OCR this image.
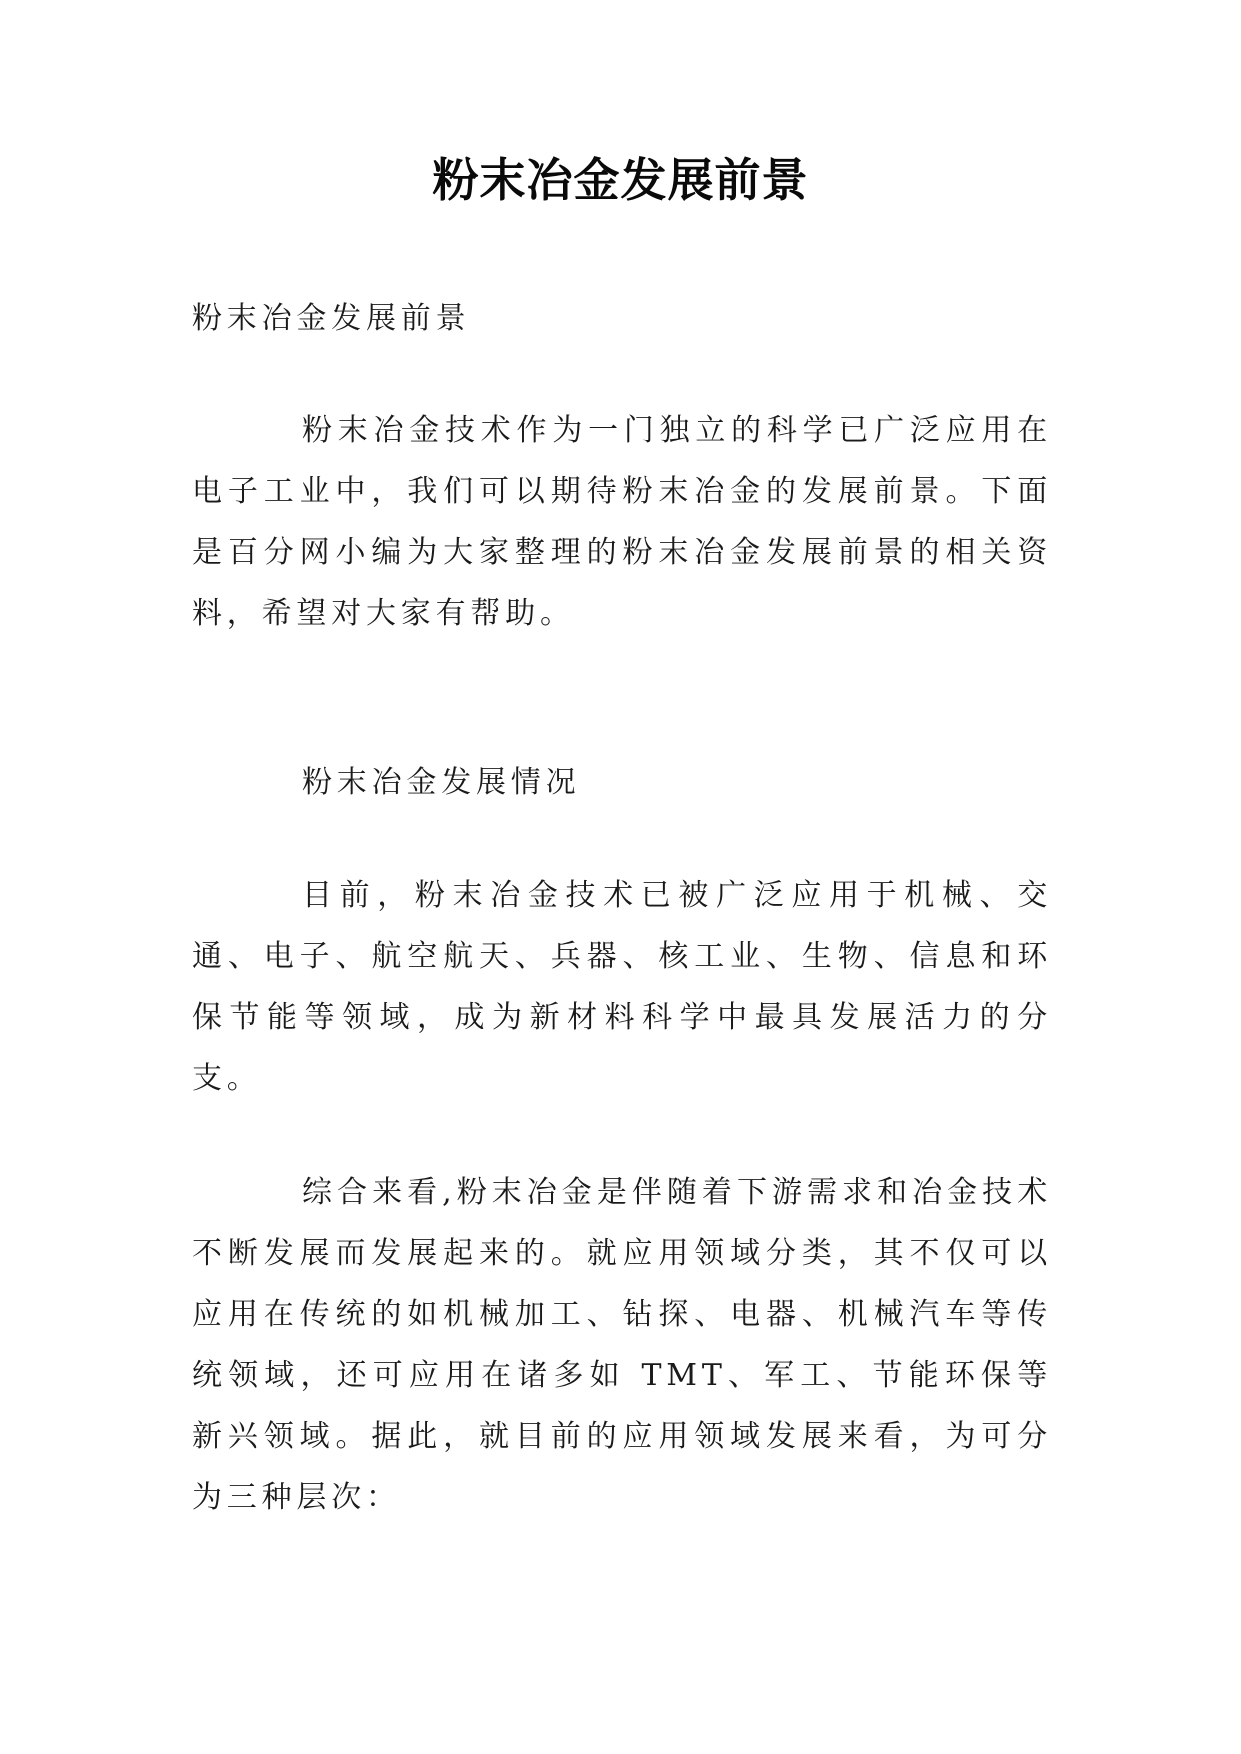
粉末冶金发展前景

粉末冶金发展前景

粉末冶金技术作为一门独立的科学已广泛应用在电子工业中，我们可以期待粉末冶金的发展前景。下面是百分网小编为大家整理的粉末冶金发展前景的相关资料，希望对大家有帮助。

粉末冶金发展情况

目前，粉末冶金技术已被广泛应用于机械、交通、电子、航空航天、兵器、核工业、生物、信息和环保节能等领域，成为新材料科学中最具发展活力的分支。

综合来看,粉末冶金是伴随着下游需求和冶金技术不断发展而发展起来的。就应用领域分类，其不仅可以应用在传统的如机械加工、钻探、电器、机械汽车等传统领域，还可应用在诸多如 TMT、军工、节能环保等新兴领域。据此，就目前的应用领域发展来看，为可分为三种层次：
